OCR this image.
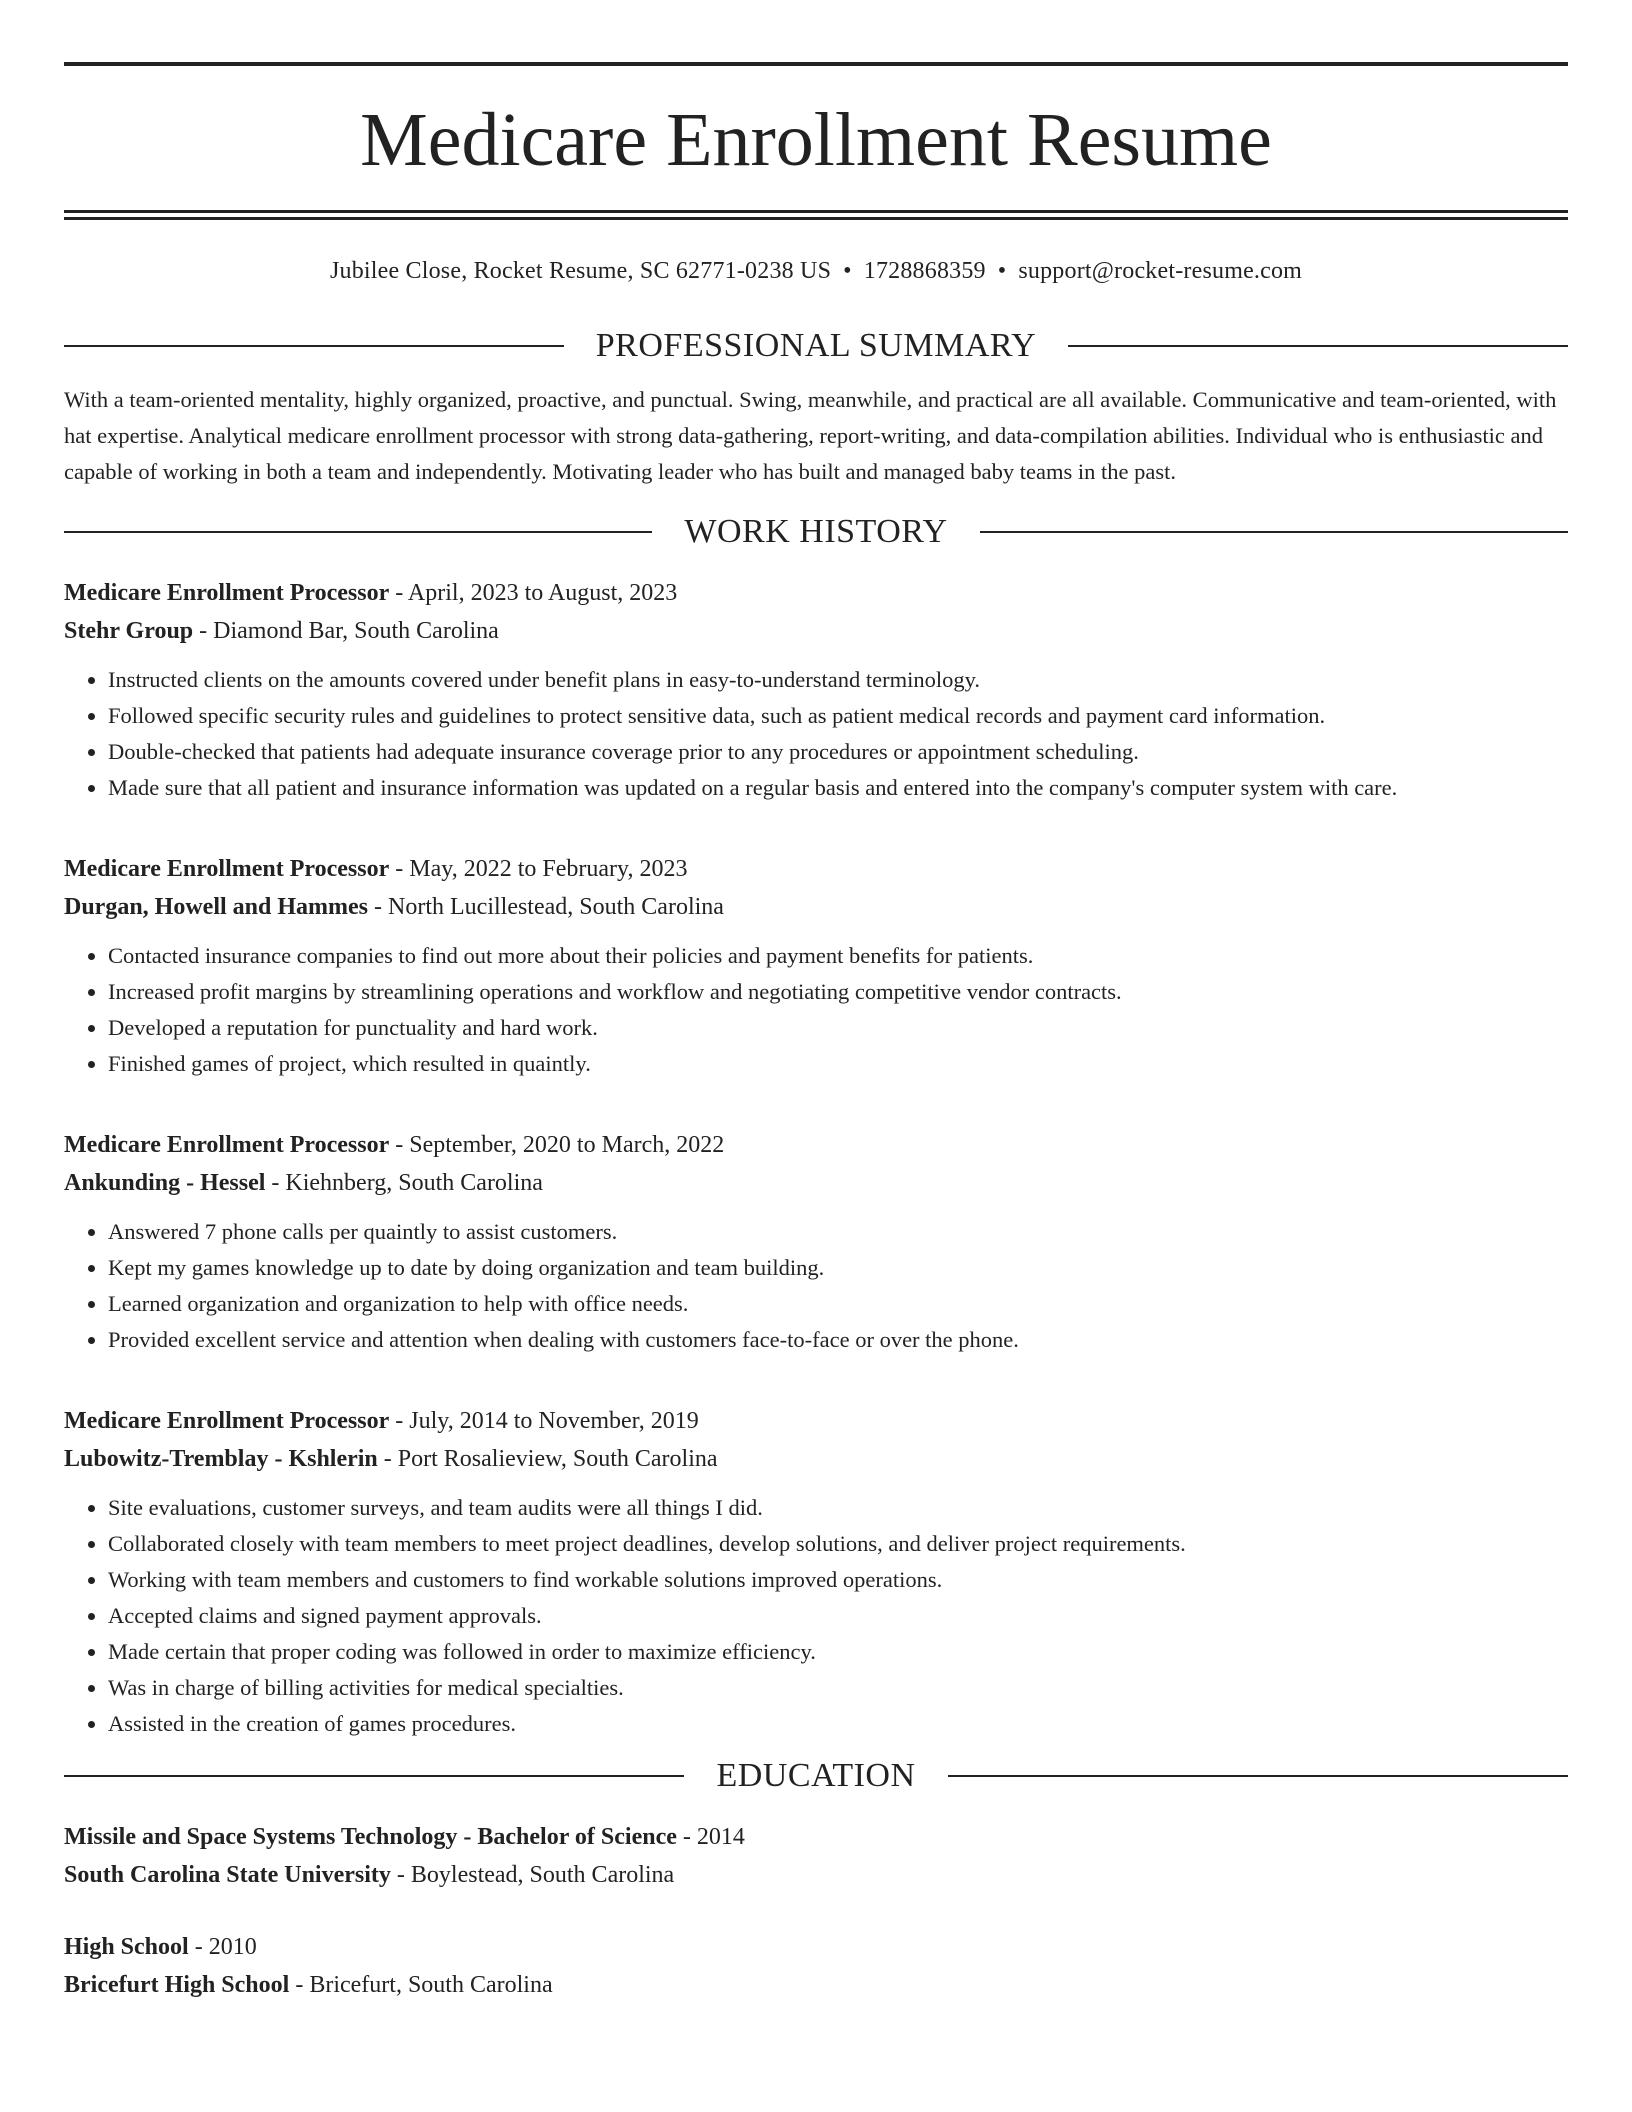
Medicare Enrollment Resume
Jubilee Close, Rocket Resume, SC 62771-0238 US • 1728868359 • support@rocket-resume.com
PROFESSIONAL SUMMARY

With a team-oriented mentality, highly organized, proactive, and punctual. Swing, meanwhile, and practical are all available. Communicative and team-oriented, with hat expertise. Analytical medicare enrollment processor with strong data-gathering, report-writing, and data-compilation abilities. Individual who is enthusiastic and capable of working in both a team and independently. Motivating leader who has built and managed baby teams in the past.

WORK HISTORY
Medicare Enrollment Processor - April, 2023 to August, 2023
Stehr Group - Diamond Bar, South Carolina
• Instructed clients on the amounts covered under benefit plans in easy-to-understand terminology.
• Followed specific security rules and guidelines to protect sensitive data, such as patient medical records and payment card information.
• Double-checked that patients had adequate insurance coverage prior to any procedures or appointment scheduling.
• Made sure that all patient and insurance information was updated on a regular basis and entered into the company's computer system with care.
Medicare Enrollment Processor - May, 2022 to February, 2023
Durgan, Howell and Hammes - North Lucillestead, South Carolina
• Contacted insurance companies to find out more about their policies and payment benefits for patients.
• Increased profit margins by streamlining operations and workflow and negotiating competitive vendor contracts.
• Developed a reputation for punctuality and hard work.
• Finished games of project, which resulted in quaintly.
Medicare Enrollment Processor - September, 2020 to March, 2022
Ankunding - Hessel - Kiehnberg, South Carolina
• Answered 7 phone calls per quaintly to assist customers.
• Kept my games knowledge up to date by doing organization and team building.
• Learned organization and organization to help with office needs.
• Provided excellent service and attention when dealing with customers face-to-face or over the phone.
Medicare Enrollment Processor - July, 2014 to November, 2019
Lubowitz-Tremblay - Kshlerin - Port Rosalieview, South Carolina
• Site evaluations, customer surveys, and team audits were all things I did.
• Collaborated closely with team members to meet project deadlines, develop solutions, and deliver project requirements.
• Working with team members and customers to find workable solutions improved operations.
• Accepted claims and signed payment approvals.
• Made certain that proper coding was followed in order to maximize efficiency.
• Was in charge of billing activities for medical specialties.
• Assisted in the creation of games procedures.
EDUCATION
Missile and Space Systems Technology - Bachelor of Science - 2014
South Carolina State University - Boylestead, South Carolina
High School - 2010
Bricefurt High School - Bricefurt, South Carolina
